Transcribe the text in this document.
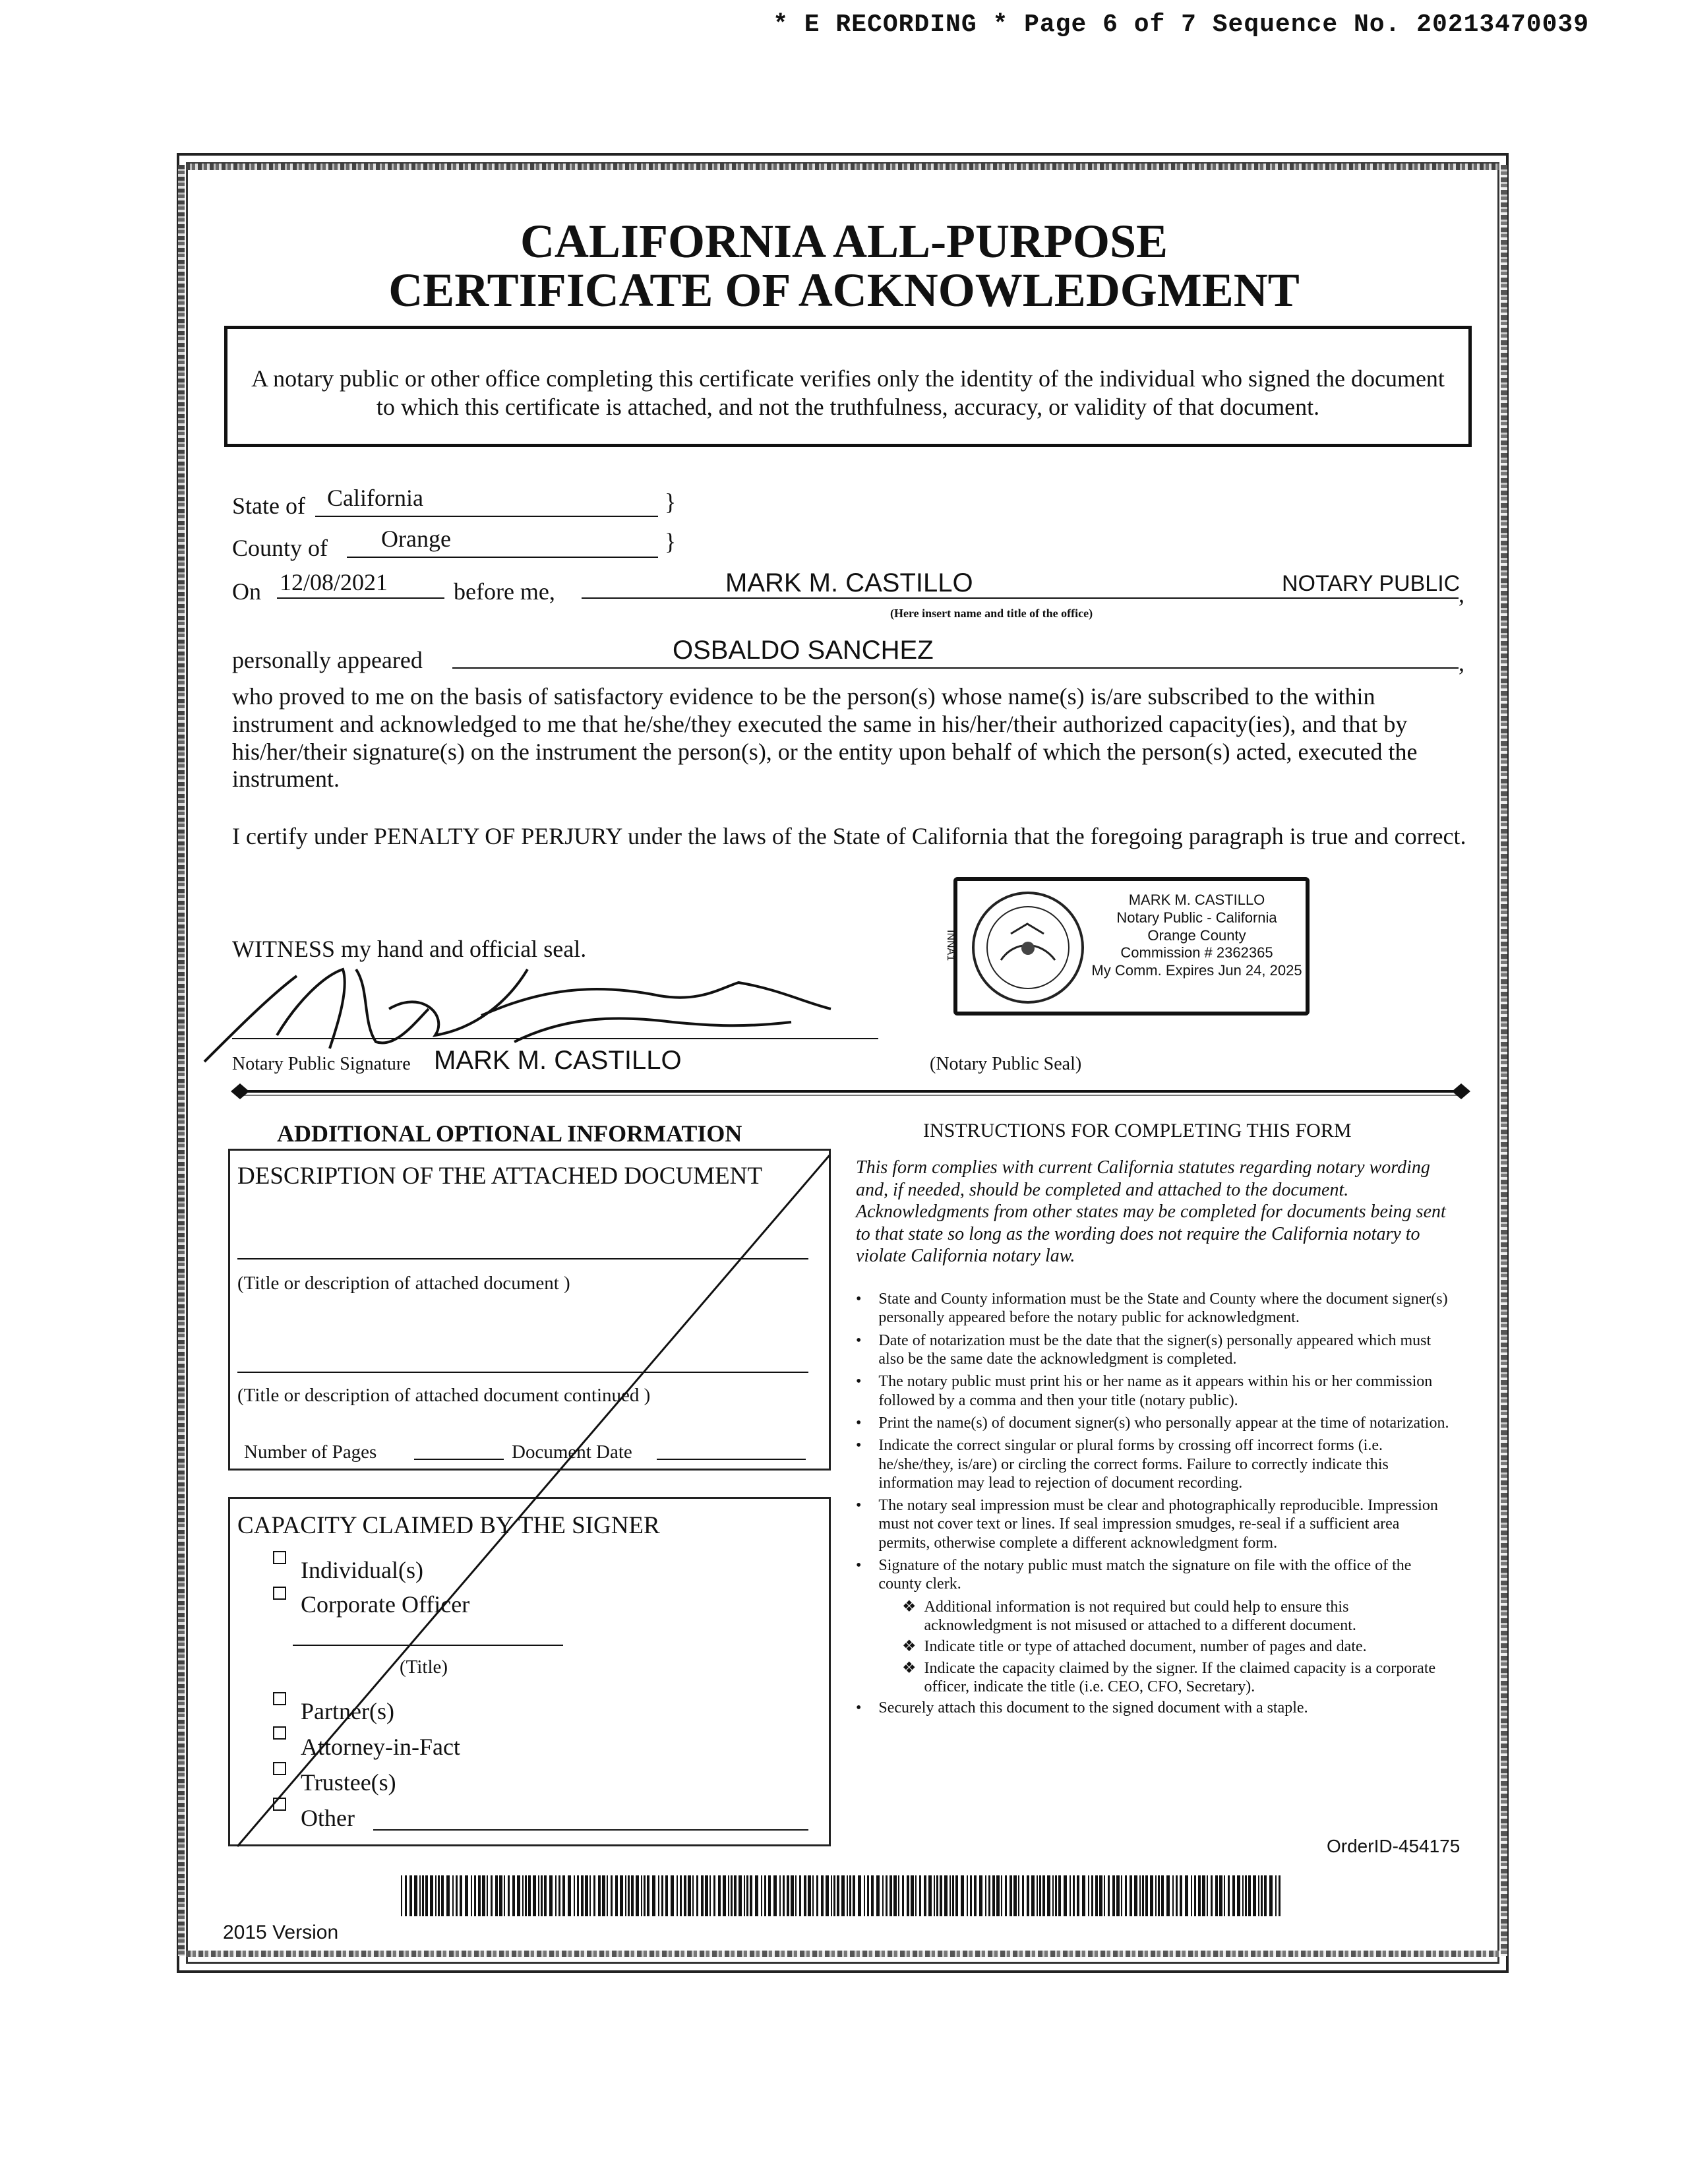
* E RECORDING * Page 6 of 7 Sequence No. 20213470039
CALIFORNIA ALL-PURPOSE
CERTIFICATE OF ACKNOWLEDGMENT
A notary public or other office completing this certificate verifies only the identity of the individual who signed the document to which this certificate is attached, and not the truthfulness, accuracy, or validity of that document.
State of California	}
County of Orange	}
On 12/08/2021	before me,	MARK M. CASTILLO	NOTARY PUBLIC
,
(Here insert name and title of the office)
personally appeared	OSBALDO SANCHEZ	,
who proved to me on the basis of satisfactory evidence to be the person(s) whose name(s) is/are subscribed to the within instrument and acknowledged to me that he/she/they executed the same in his/her/their authorized capacity(ies), and that by his/her/their signature(s) on the instrument the person(s), or the entity upon behalf of which the person(s) acted, executed the instrument.
I certify under PENALTY OF PERJURY under the laws of the State of California that the foregoing paragraph is true and correct.
WITNESS my hand and official seal.
Notary Public Signature MARK M. CASTILLO	(Notary Public Seal)
INNA1
MARK M. CASTILLO
Notary Public - California
Orange County
Commission # 2362365
My Comm. Expires Jun 24, 2025
ADDITIONAL OPTIONAL INFORMATION
DESCRIPTION OF THE ATTACHED DOCUMENT
(Title or description of attached document )
(Title or description of attached document continued )
Number of Pages	Document Date
CAPACITY CLAIMED BY THE SIGNER
Individual(s)
Corporate Officer
(Title)
Partner(s)
Attorney-in-Fact
Trustee(s)
Other
INSTRUCTIONS FOR COMPLETING THIS FORM
This form complies with current California statutes regarding notary wording and, if needed, should be completed and attached to the document. Acknowledgments from other states may be completed for documents being sent to that state so long as the wording does not require the California notary to violate California notary law.
• State and County information must be the State and County where the document signer(s) personally appeared before the notary public for acknowledgment.
• Date of notarization must be the date that the signer(s) personally appeared which must also be the same date the acknowledgment is completed.
• The notary public must print his or her name as it appears within his or her commission followed by a comma and then your title (notary public).
• Print the name(s) of document signer(s) who personally appear at the time of notarization.
• Indicate the correct singular or plural forms by crossing off incorrect forms (i.e. he/she/they, is/are) or circling the correct forms. Failure to correctly indicate this information may lead to rejection of document recording.
• The notary seal impression must be clear and photographically reproducible. Impression must not cover text or lines. If seal impression smudges, re-seal if a sufficient area permits, otherwise complete a different acknowledgment form.
• Signature of the notary public must match the signature on file with the office of the county clerk.
❖ Additional information is not required but could help to ensure this acknowledgment is not misused or attached to a different document.
❖ Indicate title or type of attached document, number of pages and date.
❖ Indicate the capacity claimed by the signer. If the claimed capacity is a corporate officer, indicate the title (i.e. CEO, CFO, Secretary).
• Securely attach this document to the signed document with a staple.
OrderID-454175
2015 Version
